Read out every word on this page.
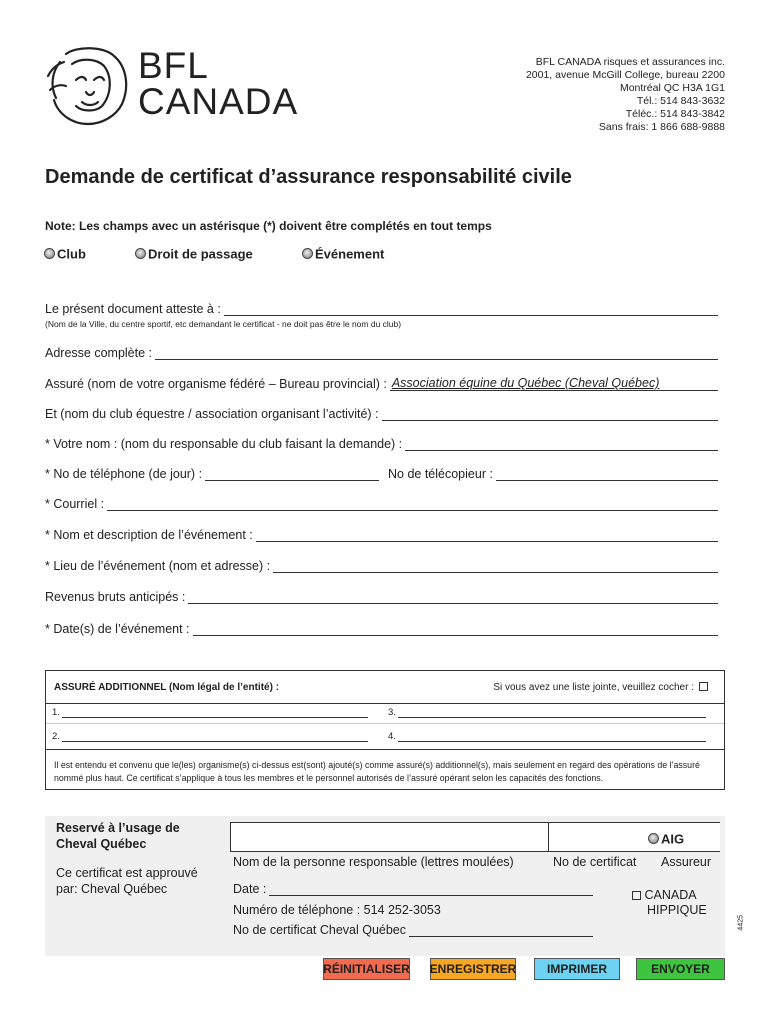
BFL
CANADA
BFL CANADA risques et assurances inc.
2001, avenue McGill College, bureau 2200
Montréal QC H3A 1G1
Tél.: 514 843-3632
Téléc.: 514 843-3842
Sans frais: 1 866 688-9888
Demande de certificat d’assurance responsabilité civile
Note: Les champs avec un astérisque (*) doivent être complétés en tout temps
Club	Droit de passage	Événement
Le présent document atteste à :
(Nom de la Ville, du centre sportif, etc demandant le certificat - ne doit pas être le nom du club)
Adresse complète :
Assuré (nom de votre organisme fédéré – Bureau provincial) : Association équine du Québec (Cheval Québec)
Et (nom du club équestre / association organisant l’activité) :
* Votre nom : (nom du responsable du club faisant la demande) :
* No de téléphone (de jour) :	No de télécopieur :
* Courriel :
* Nom et description de l’événement :
* Lieu de l’événement (nom et adresse) :
Revenus bruts anticipés :
* Date(s) de l’événement :
ASSURÉ ADDITIONNEL (Nom légal de l’entité) :	Si vous avez une liste jointe, veuillez cocher :
1.	3.
2.	4.
Il est entendu et convenu que le(les) organisme(s) ci-dessus est(sont) ajouté(s) comme assuré(s) additionnel(s), mais seulement en regard des opérations de l’assuré nommé plus haut. Ce certificat s’applique à tous les membres et le personnel autorisés de l’assuré opérant selon les capacités des fonctions.
Reservé à l’usage de
Cheval Québec
Ce certificat est approuvé
par: Cheval Québec
AIG
Nom de la personne responsable (lettres moulées)	No de certificat Assureur
Date :
Numéro de téléphone : 514 252-3053
No de certificat Cheval Québec
CANADA
HIPPIQUE
4425
RÉINITIALISER ENREGISTRER	IMPRIMER	ENVOYER
